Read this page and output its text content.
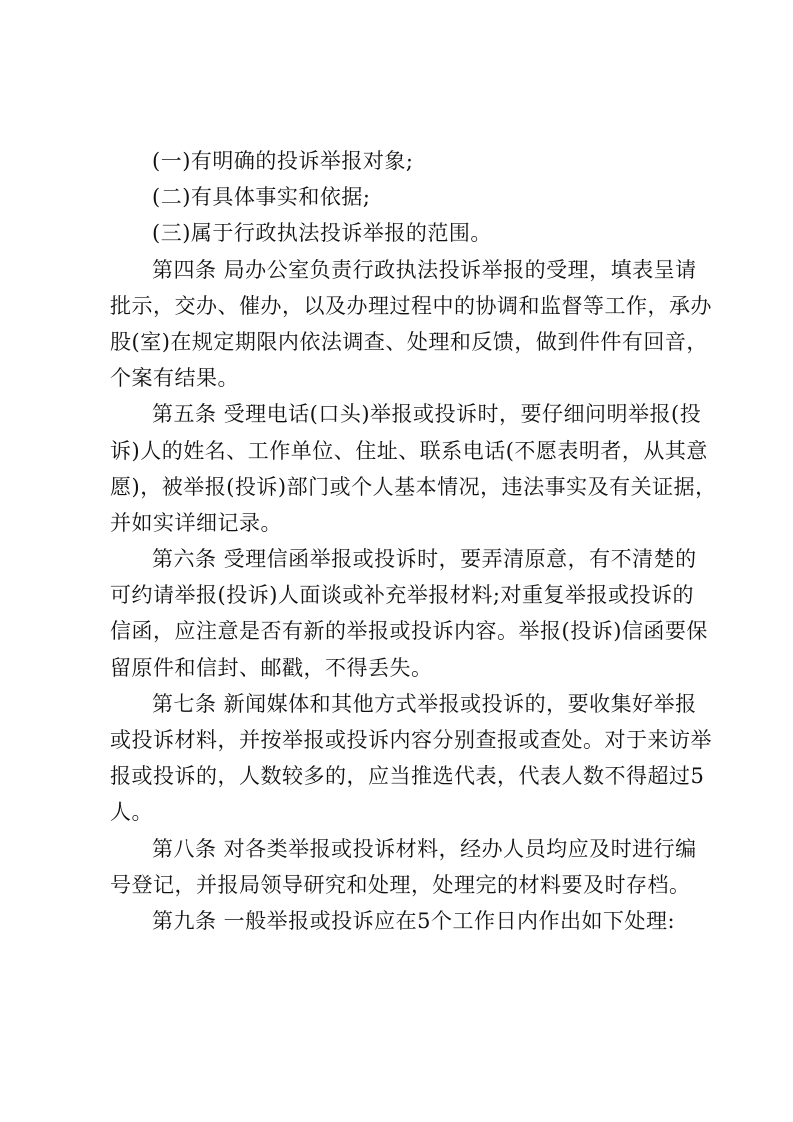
(一)有明确的投诉举报对象;
(二)有具体事实和依据;
(三)属于行政执法投诉举报的范围。
第四条 局办公室负责行政执法投诉举报的受理，填表呈请
批示，交办、催办，以及办理过程中的协调和监督等工作，承办
股(室)在规定期限内依法调查、处理和反馈，做到件件有回音，
个案有结果。
第五条 受理电话(口头)举报或投诉时，要仔细问明举报(投
诉)人的姓名、工作单位、住址、联系电话(不愿表明者，从其意
愿)，被举报(投诉)部门或个人基本情况，违法事实及有关证据，
并如实详细记录。
第六条 受理信函举报或投诉时，要弄清原意，有不清楚的
可约请举报(投诉)人面谈或补充举报材料;对重复举报或投诉的
信函，应注意是否有新的举报或投诉内容。举报(投诉)信函要保
留原件和信封、邮戳，不得丢失。
第七条 新闻媒体和其他方式举报或投诉的，要收集好举报
或投诉材料，并按举报或投诉内容分别查报或查处。对于来访举
报或投诉的，人数较多的，应当推选代表，代表人数不得超过5
人。
第八条 对各类举报或投诉材料，经办人员均应及时进行编
号登记，并报局领导研究和处理，处理完的材料要及时存档。
第九条 一般举报或投诉应在5个工作日内作出如下处理:
